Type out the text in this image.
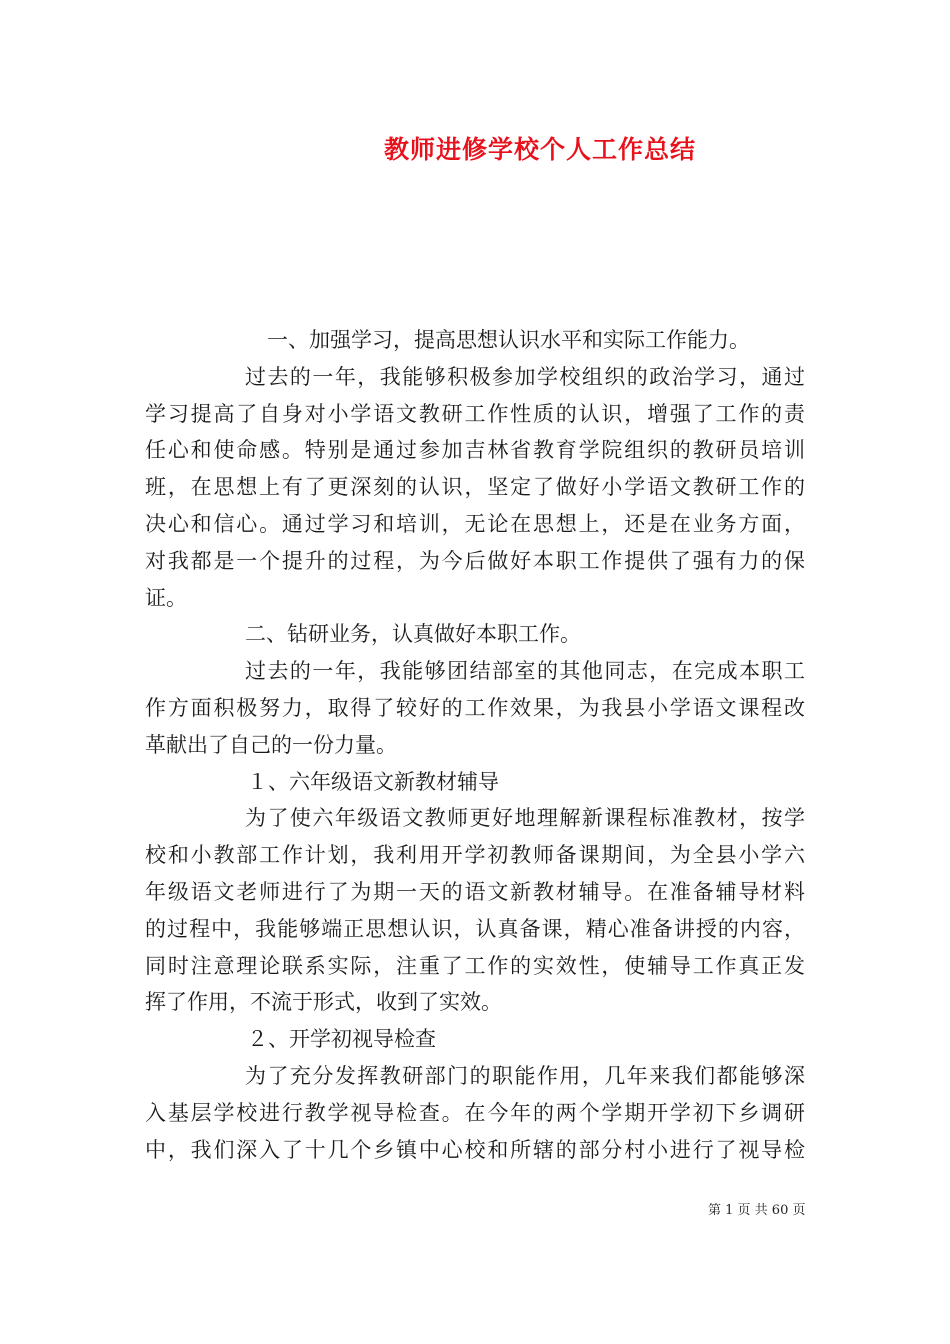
教师进修学校个人工作总结
一、加强学习，提高思想认识水平和实际工作能力。
过去的一年，我能够积极参加学校组织的政治学习，通过
学习提高了自身对小学语文教研工作性质的认识，增强了工作的责
任心和使命感。特别是通过参加吉林省教育学院组织的教研员培训
班，在思想上有了更深刻的认识，坚定了做好小学语文教研工作的
决心和信心。通过学习和培训，无论在思想上，还是在业务方面，
对我都是一个提升的过程，为今后做好本职工作提供了强有力的保
证。
二、钻研业务，认真做好本职工作。
过去的一年，我能够团结部室的其他同志，在完成本职工
作方面积极努力，取得了较好的工作效果，为我县小学语文课程改
革献出了自己的一份力量。
１、六年级语文新教材辅导
为了使六年级语文教师更好地理解新课程标准教材，按学
校和小教部工作计划，我利用开学初教师备课期间，为全县小学六
年级语文老师进行了为期一天的语文新教材辅导。在准备辅导材料
的过程中，我能够端正思想认识，认真备课，精心准备讲授的内容，
同时注意理论联系实际，注重了工作的实效性，使辅导工作真正发
挥了作用，不流于形式，收到了实效。
２、开学初视导检查
为了充分发挥教研部门的职能作用，几年来我们都能够深
入基层学校进行教学视导检查。在今年的两个学期开学初下乡调研
中，我们深入了十几个乡镇中心校和所辖的部分村小进行了视导检
第 1 页 共 60 页
